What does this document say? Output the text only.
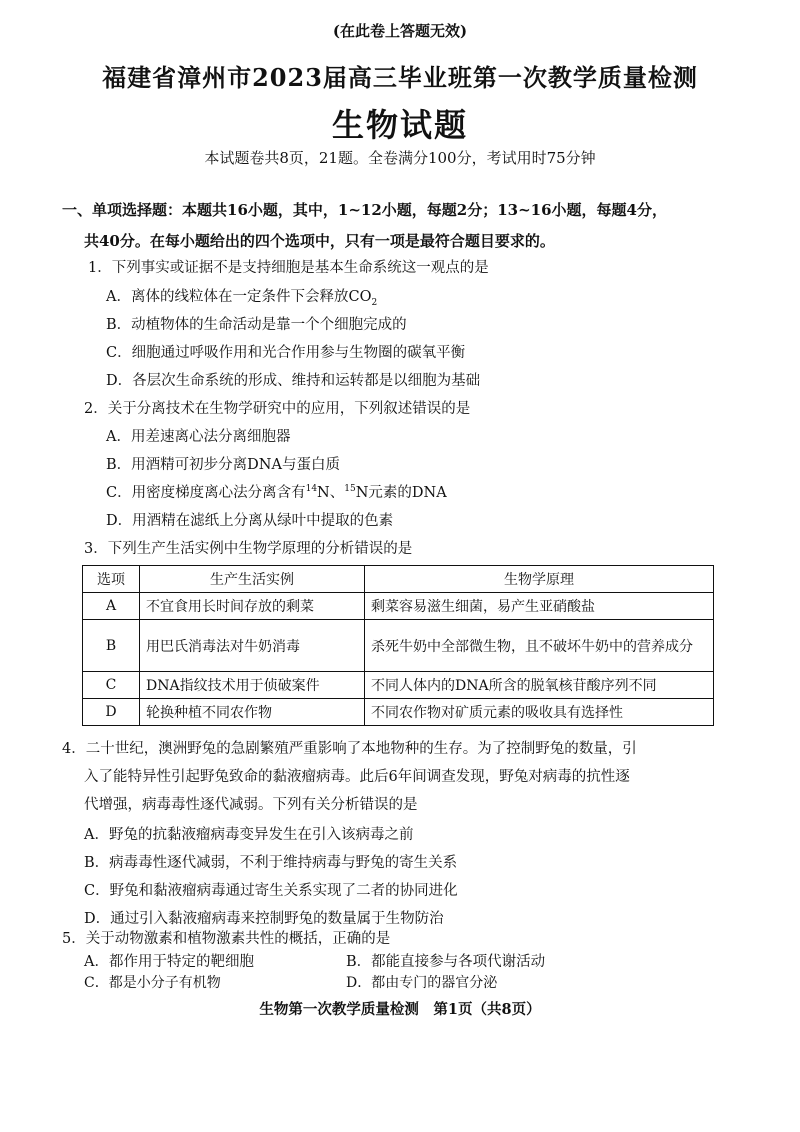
(在此卷上答题无效)
福建省漳州市2023届高三毕业班第一次教学质量检测
生物试题
本试题卷共8页，21题。全卷满分100分，考试用时75分钟
一、单项选择题：本题共16小题，其中，1~12小题，每题2分；13~16小题，每题4分，
共40分。在每小题给出的四个选项中，只有一项是最符合题目要求的。
1．下列事实或证据不是支持细胞是基本生命系统这一观点的是
A．离体的线粒体在一定条件下会释放$CO_2$
B．动植物体的生命活动是靠一个个细胞完成的
C．细胞通过呼吸作用和光合作用参与生物圈的碳氧平衡
D．各层次生命系统的形成、维持和运转都是以细胞为基础
2．关于分离技术在生物学研究中的应用，下列叙述错误的是
A．用差速离心法分离细胞器
B．用酒精可初步分离DNA与蛋白质
C．用密度梯度离心法分离含有$^{14}$N、$^{15}$N元素的DNA
D．用酒精在滤纸上分离从绿叶中提取的色素
3．下列生产生活实例中生物学原理的分析错误的是
选项	生产生活实例	生物学原理
A	不宜食用长时间存放的剩菜	剩菜容易滋生细菌，易产生亚硝酸盐
B	用巴氏消毒法对牛奶消毒	杀死牛奶中全部微生物，且不破坏牛奶中的营养成分
C	DNA指纹技术用于侦破案件	不同人体内的DNA所含的脱氧核苷酸序列不同
D	轮换种植不同农作物	不同农作物对矿质元素的吸收具有选择性
4．二十世纪，澳洲野兔的急剧繁殖严重影响了本地物种的生存。为了控制野兔的数量，引
入了能特异性引起野兔致命的黏液瘤病毒。此后6年间调查发现，野兔对病毒的抗性逐
代增强，病毒毒性逐代减弱。下列有关分析错误的是
A．野兔的抗黏液瘤病毒变异发生在引入该病毒之前
B．病毒毒性逐代减弱，不利于维持病毒与野兔的寄生关系
C．野兔和黏液瘤病毒通过寄生关系实现了二者的协同进化
D．通过引入黏液瘤病毒来控制野兔的数量属于生物防治
5．关于动物激素和植物激素共性的概括，正确的是
A．都作用于特定的靶细胞	B．都能直接参与各项代谢活动
C．都是小分子有机物	D．都由专门的器官分泌
生物第一次教学质量检测　第1页（共8页）
